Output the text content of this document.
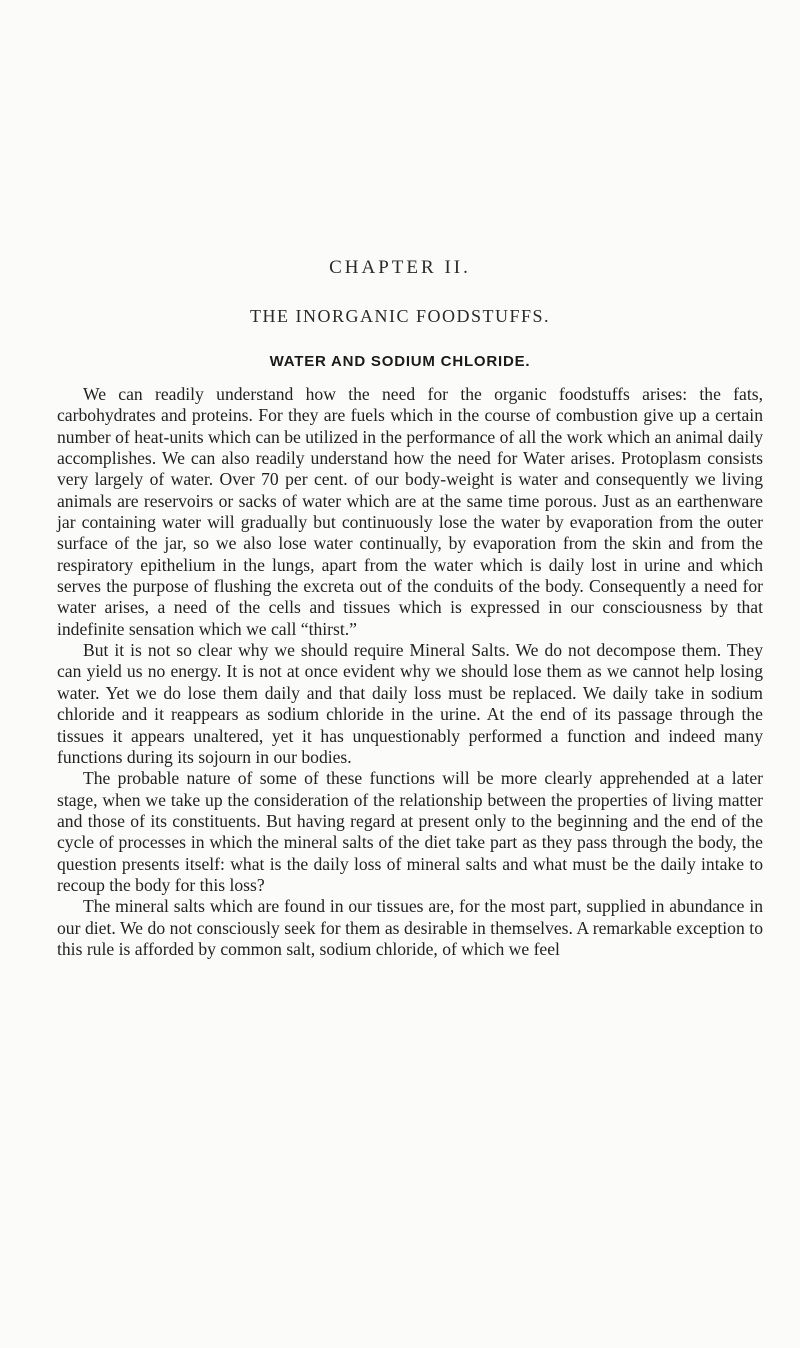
CHAPTER II.
THE INORGANIC FOODSTUFFS.
WATER AND SODIUM CHLORIDE.

We can readily understand how the need for the organic foodstuffs arises: the fats, carbohydrates and proteins. For they are fuels which in the course of combustion give up a certain number of heat-units which can be utilized in the performance of all the work which an animal daily accomplishes. We can also readily understand how the need for Water arises. Protoplasm consists very largely of water. Over 70 per cent. of our body-weight is water and consequently we living animals are reservoirs or sacks of water which are at the same time porous. Just as an earthenware jar containing water will gradually but continuously lose the water by evaporation from the outer surface of the jar, so we also lose water continually, by evaporation from the skin and from the respiratory epithelium in the lungs, apart from the water which is daily lost in urine and which serves the purpose of flushing the excreta out of the conduits of the body. Consequently a need for water arises, a need of the cells and tissues which is expressed in our consciousness by that indefinite sensation which we call “thirst.”

But it is not so clear why we should require Mineral Salts. We do not decompose them. They can yield us no energy. It is not at once evident why we should lose them as we cannot help losing water. Yet we do lose them daily and that daily loss must be replaced. We daily take in sodium chloride and it reappears as sodium chloride in the urine. At the end of its passage through the tissues it appears unaltered, yet it has unquestionably performed a function and indeed many functions during its sojourn in our bodies.

The probable nature of some of these functions will be more clearly apprehended at a later stage, when we take up the consideration of the relationship between the properties of living matter and those of its constituents. But having regard at present only to the beginning and the end of the cycle of processes in which the mineral salts of the diet take part as they pass through the body, the question presents itself: what is the daily loss of mineral salts and what must be the daily intake to recoup the body for this loss?

The mineral salts which are found in our tissues are, for the most part, supplied in abundance in our diet. We do not consciously seek for them as desirable in themselves. A remarkable exception to this rule is afforded by common salt, sodium chloride, of which we feel
